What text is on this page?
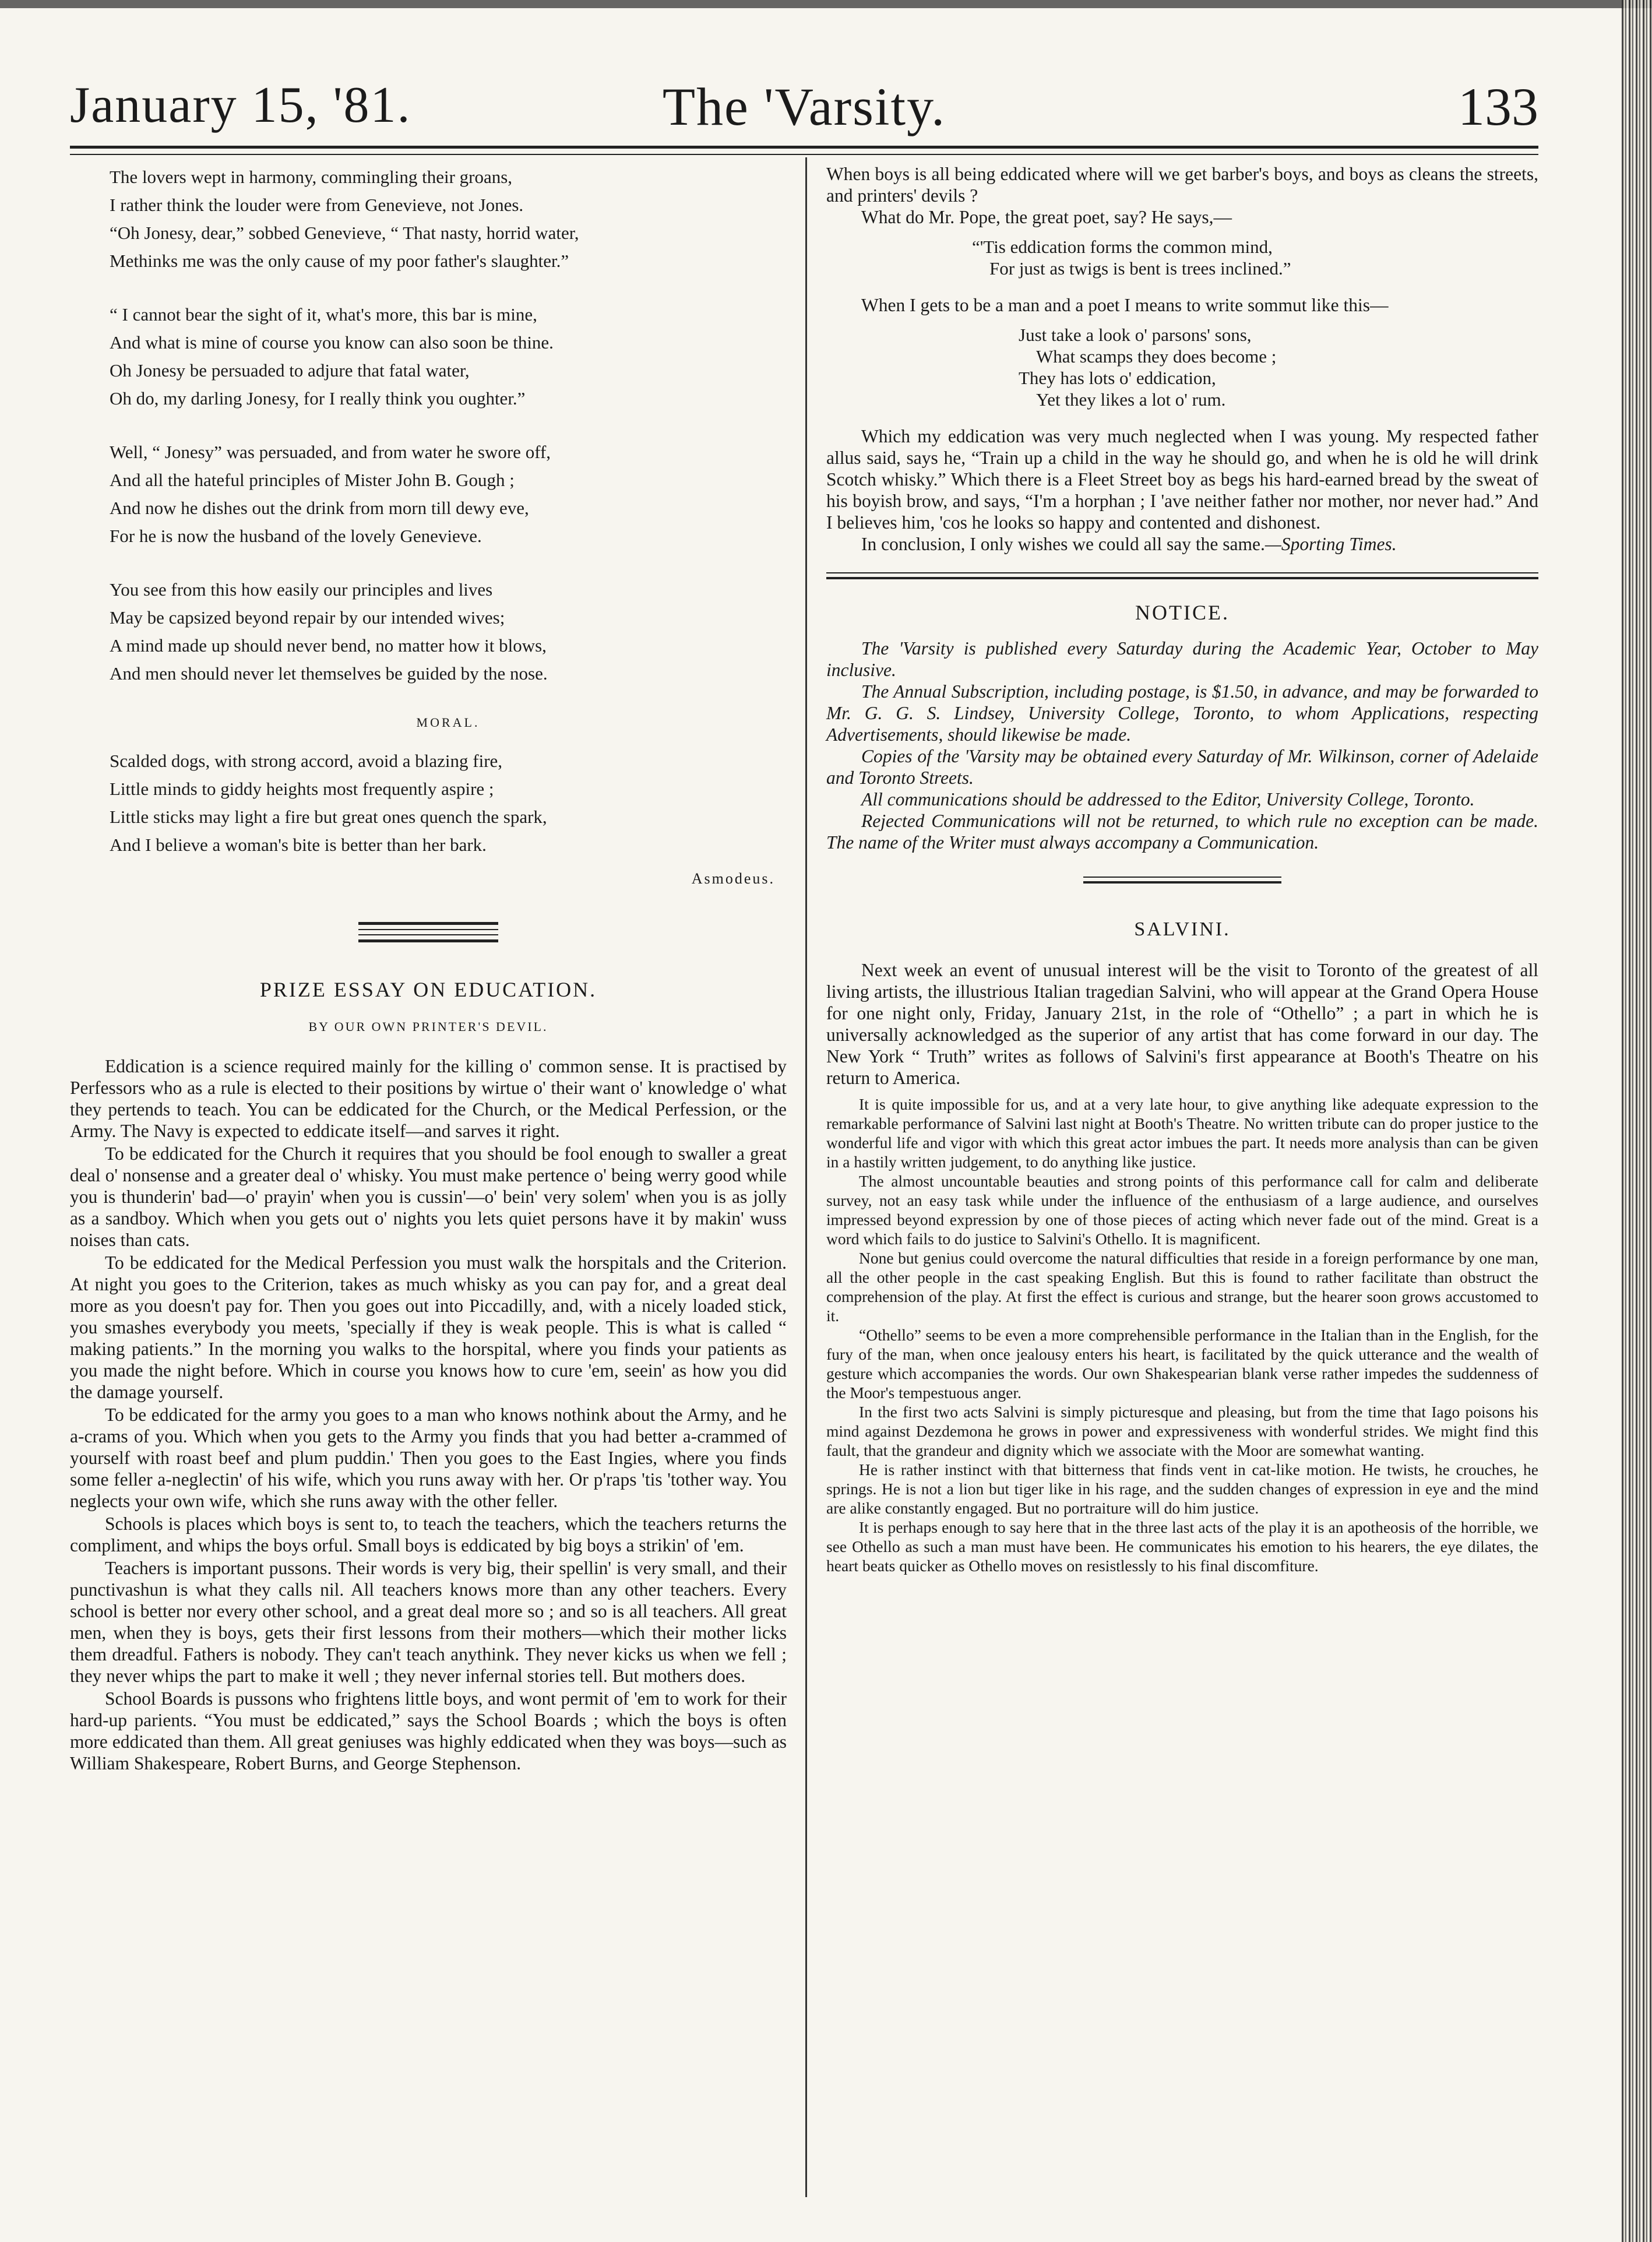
The 'Varsity.
January 15, '81.	133
The lovers wept in harmony, commingling their groans,
I rather think the louder were from Genevieve, not Jones.
“Oh Jonesy, dear,” sobbed Genevieve, “ That nasty, horrid water,
Methinks me was the only cause of my poor father's slaughter.”
“ I cannot bear the sight of it, what's more, this bar is mine,
And what is mine of course you know can also soon be thine.
Oh Jonesy be persuaded to adjure that fatal water,
Oh do, my darling Jonesy, for I really think you oughter.”
Well, “ Jonesy” was persuaded, and from water he swore off,
And all the hateful principles of Mister John B. Gough ;
And now he dishes out the drink from morn till dewy eve,
For he is now the husband of the lovely Genevieve.
You see from this how easily our principles and lives
May be capsized beyond repair by our intended wives;
A mind made up should never bend, no matter how it blows,
And men should never let themselves be guided by the nose.
MORAL.
Scalded dogs, with strong accord, avoid a blazing fire,
Little minds to giddy heights most frequently aspire ;
Little sticks may light a fire but great ones quench the spark,
And I believe a woman's bite is better than her bark.
Asmodeus.
PRIZE ESSAY ON EDUCATION.
BY OUR OWN PRINTER'S DEVIL.

Eddication is a science required mainly for the killing o' common sense. It is practised by Perfessors who as a rule is elected to their positions by wirtue o' their want o' knowledge o' what they pertends to teach. You can be eddicated for the Church, or the Medical Perfession, or the Army. The Navy is expected to eddicate itself—and sarves it right.

To be eddicated for the Church it requires that you should be fool enough to swaller a great deal o' nonsense and a greater deal o' whisky. You must make pertence o' being werry good while you is thunderin' bad—o' prayin' when you is cussin'—o' bein' very solem' when you is as jolly as a sandboy. Which when you gets out o' nights you lets quiet persons have it by makin' wuss noises than cats.

To be eddicated for the Medical Perfession you must walk the horspitals and the Criterion. At night you goes to the Criterion, takes as much whisky as you can pay for, and a great deal more as you doesn't pay for. Then you goes out into Piccadilly, and, with a nicely loaded stick, you smashes everybody you meets, 'specially if they is weak people. This is what is called “ making patients.” In the morning you walks to the horspital, where you finds your patients as you made the night before. Which in course you knows how to cure 'em, seein' as how you did the damage yourself.

To be eddicated for the army you goes to a man who knows nothink about the Army, and he a-crams of you. Which when you gets to the Army you finds that you had better a-crammed of yourself with roast beef and plum puddin.' Then you goes to the East Ingies, where you finds some feller a-neglectin' of his wife, which you runs away with her. Or p'raps 'tis 'tother way. You neglects your own wife, which she runs away with the other feller.

Schools is places which boys is sent to, to teach the teachers, which the teachers returns the compliment, and whips the boys orful. Small boys is eddicated by big boys a strikin' of 'em.

Teachers is important pussons. Their words is very big, their spellin' is very small, and their punctivashun is what they calls nil. All teachers knows more than any other teachers. Every school is better nor every other school, and a great deal more so ; and so is all teachers. All great men, when they is boys, gets their first lessons from their mothers—which their mother licks them dreadful. Fathers is nobody. They can't teach anythink. They never kicks us when we fell ; they never whips the part to make it well ; they never infernal stories tell. But mothers does.

School Boards is pussons who frightens little boys, and wont permit of 'em to work for their hard-up parients. “You must be eddicated,” says the School Boards ; which the boys is often more eddicated than them. All great geniuses was highly eddicated when they was boys—such as William Shakespeare, Robert Burns, and George Stephenson.

When boys is all being eddicated where will we get barber's boys, and boys as cleans the streets, and printers' devils ?

What do Mr. Pope, the great poet, say? He says,—

“'Tis eddication forms the common mind,
For just as twigs is bent is trees inclined.”

When I gets to be a man and a poet I means to write sommut like this—

Just take a look o' parsons' sons,
What scamps they does become ;
They has lots o' eddication,
Yet they likes a lot o' rum.

Which my eddication was very much neglected when I was young. My respected father allus said, says he, “Train up a child in the way he should go, and when he is old he will drink Scotch whisky.” Which there is a Fleet Street boy as begs his hard-earned bread by the sweat of his boyish brow, and says, “I'm a horphan ; I 'ave neither father nor mother, nor never had.” And I believes him, 'cos he looks so happy and contented and dishonest.

In conclusion, I only wishes we could all say the same.—Sporting Times.

NOTICE.

The 'Varsity is published every Saturday during the Academic Year, October to May inclusive.

The Annual Subscription, including postage, is $1.50, in advance, and may be forwarded to Mr. G. G. S. Lindsey, University College, Toronto, to whom Applications, respecting Advertisements, should likewise be made.

Copies of the 'Varsity may be obtained every Saturday of Mr. Wilkinson, corner of Adelaide and Toronto Streets.

All communications should be addressed to the Editor, University College, Toronto.

Rejected Communications will not be returned, to which rule no exception can be made. The name of the Writer must always accompany a Communication.

SALVINI.

Next week an event of unusual interest will be the visit to Toronto of the greatest of all living artists, the illustrious Italian tragedian Salvini, who will appear at the Grand Opera House for one night only, Friday, January 21st, in the role of “Othello” ; a part in which he is universally acknowledged as the superior of any artist that has come forward in our day. The New York “ Truth” writes as follows of Salvini's first appearance at Booth's Theatre on his return to America.

It is quite impossible for us, and at a very late hour, to give anything like adequate expression to the remarkable performance of Salvini last night at Booth's Theatre. No written tribute can do proper justice to the wonderful life and vigor with which this great actor imbues the part. It needs more analysis than can be given in a hastily written judgement, to do anything like justice.

The almost uncountable beauties and strong points of this performance call for calm and deliberate survey, not an easy task while under the influence of the enthusiasm of a large audience, and ourselves impressed beyond expression by one of those pieces of acting which never fade out of the mind. Great is a word which fails to do justice to Salvini's Othello. It is magnificent.

None but genius could overcome the natural difficulties that reside in a foreign performance by one man, all the other people in the cast speaking English. But this is found to rather facilitate than obstruct the comprehension of the play. At first the effect is curious and strange, but the hearer soon grows accustomed to it.

“Othello” seems to be even a more comprehensible performance in the Italian than in the English, for the fury of the man, when once jealousy enters his heart, is facilitated by the quick utterance and the wealth of gesture which accompanies the words. Our own Shakespearian blank verse rather impedes the suddenness of the Moor's tempestuous anger.

In the first two acts Salvini is simply picturesque and pleasing, but from the time that Iago poisons his mind against Dezdemona he grows in power and expressiveness with wonderful strides. We might find this fault, that the grandeur and dignity which we associate with the Moor are somewhat wanting.

He is rather instinct with that bitterness that finds vent in cat-like motion. He twists, he crouches, he springs. He is not a lion but tiger like in his rage, and the sudden changes of expression in eye and the mind are alike constantly engaged. But no portraiture will do him justice.

It is perhaps enough to say here that in the three last acts of the play it is an apotheosis of the horrible, we see Othello as such a man must have been. He communicates his emotion to his hearers, the eye dilates, the heart beats quicker as Othello moves on resistlessly to his final discomfiture.
